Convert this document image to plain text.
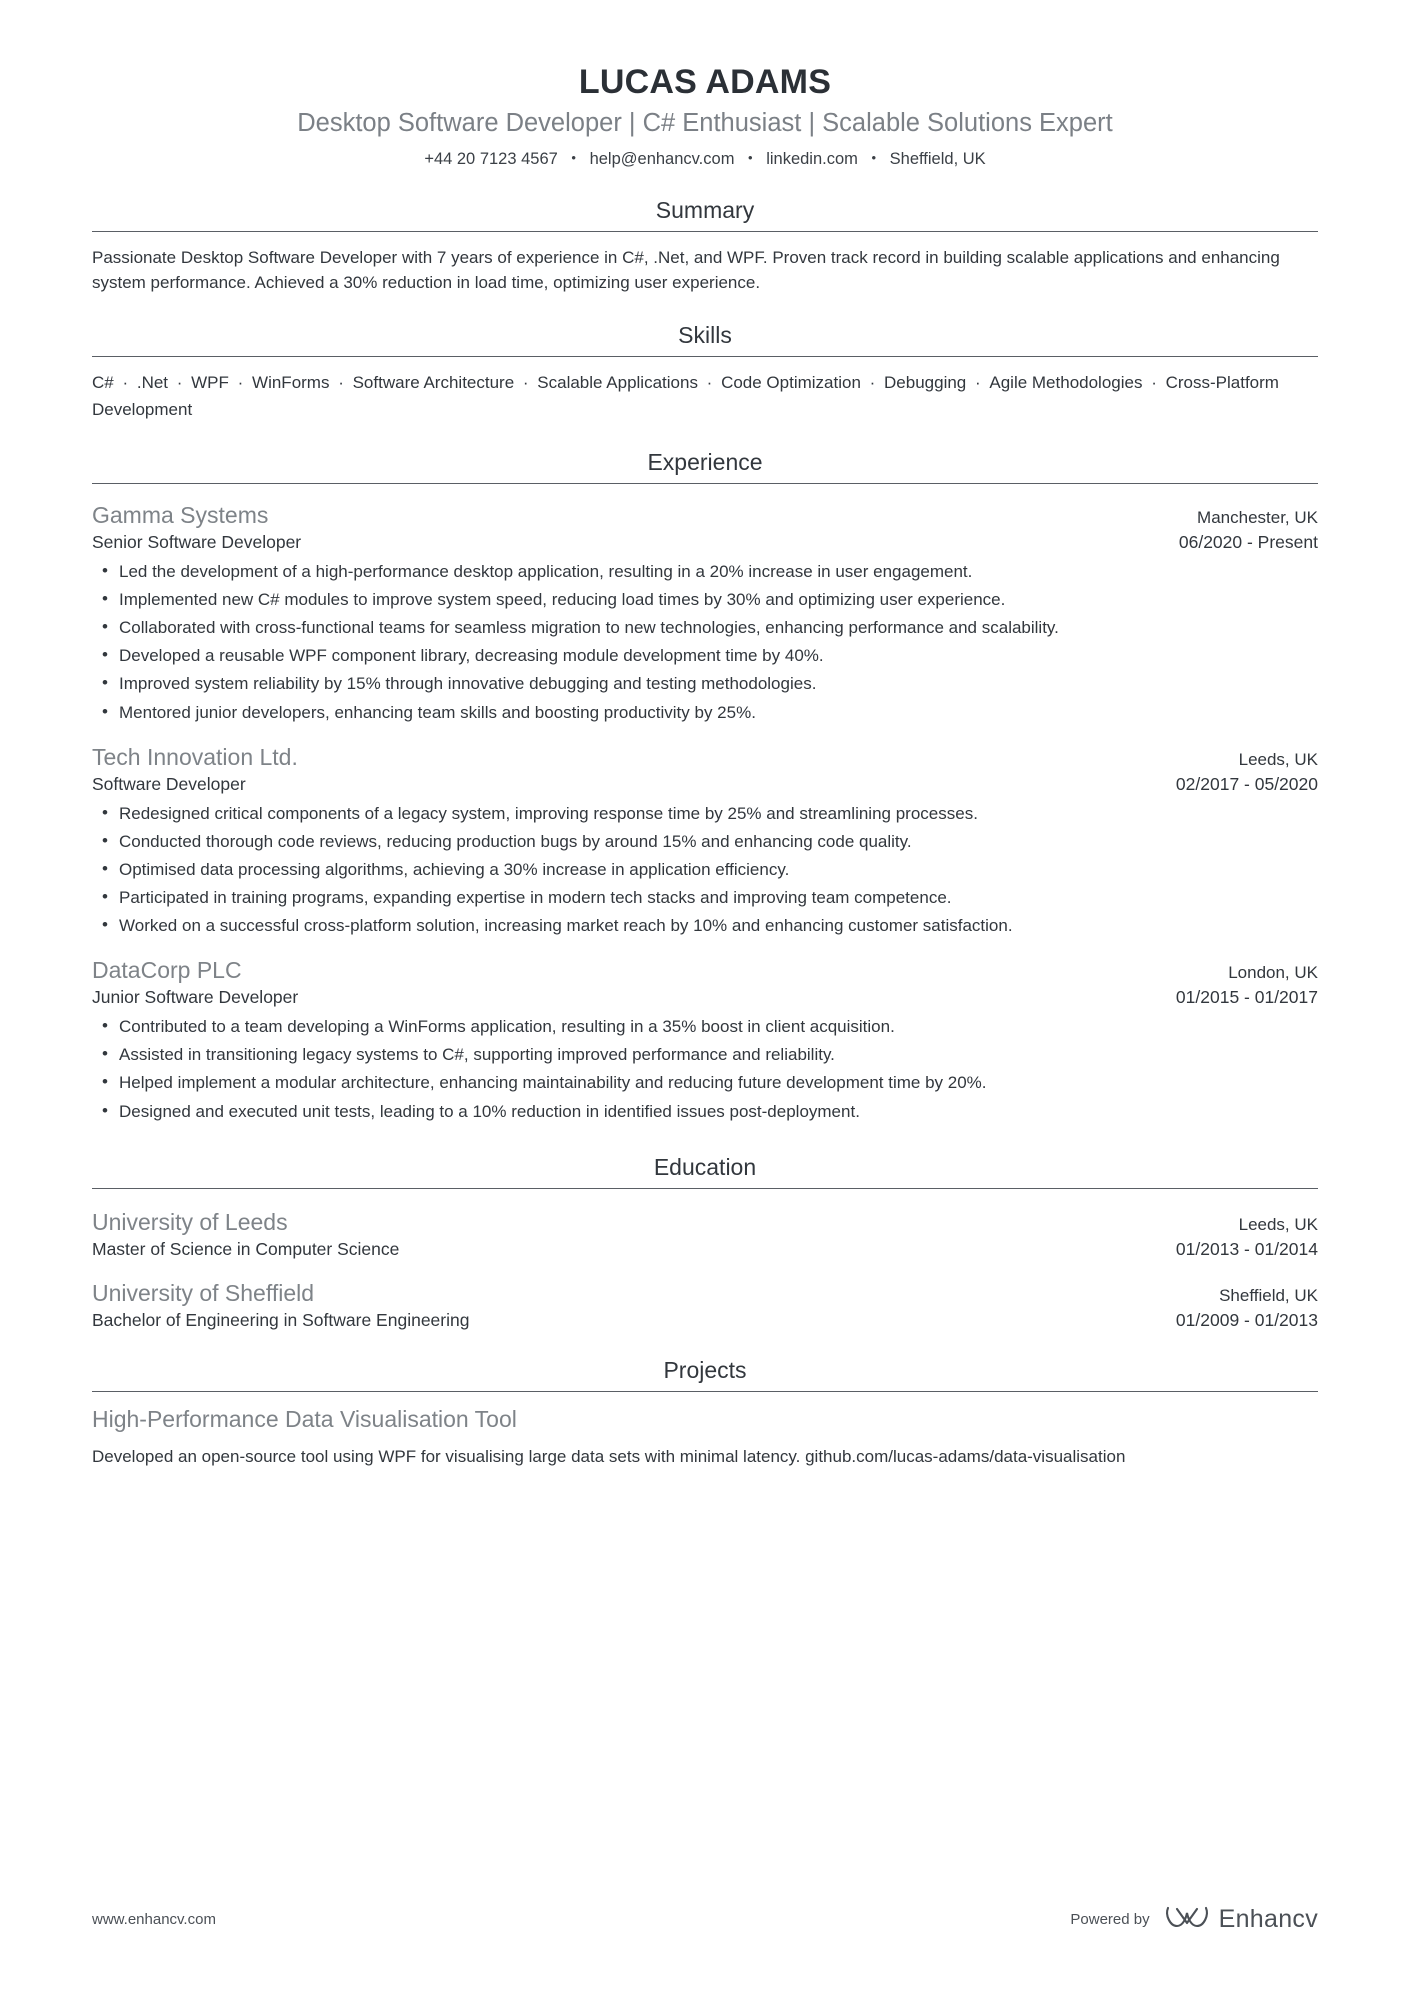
LUCAS ADAMS
Desktop Software Developer | C# Enthusiast | Scalable Solutions Expert
+44 20 7123 4567 • help@enhancv.com • linkedin.com • Sheffield, UK
Summary
Passionate Desktop Software Developer with 7 years of experience in C#, .Net, and WPF. Proven track record in building scalable applications and enhancing system performance. Achieved a 30% reduction in load time, optimizing user experience.
Skills
C# · .Net · WPF · WinForms · Software Architecture · Scalable Applications · Code Optimization · Debugging · Agile Methodologies · Cross-Platform Development
Experience
Gamma Systems	Manchester, UK
Senior Software Developer	06/2020 - Present
• Led the development of a high-performance desktop application, resulting in a 20% increase in user engagement.
• Implemented new C# modules to improve system speed, reducing load times by 30% and optimizing user experience.
• Collaborated with cross-functional teams for seamless migration to new technologies, enhancing performance and scalability.
• Developed a reusable WPF component library, decreasing module development time by 40%.
• Improved system reliability by 15% through innovative debugging and testing methodologies.
• Mentored junior developers, enhancing team skills and boosting productivity by 25%.
Tech Innovation Ltd.	Leeds, UK
Software Developer	02/2017 - 05/2020
• Redesigned critical components of a legacy system, improving response time by 25% and streamlining processes.
• Conducted thorough code reviews, reducing production bugs by around 15% and enhancing code quality.
• Optimised data processing algorithms, achieving a 30% increase in application efficiency.
• Participated in training programs, expanding expertise in modern tech stacks and improving team competence.
• Worked on a successful cross-platform solution, increasing market reach by 10% and enhancing customer satisfaction.
DataCorp PLC	London, UK
Junior Software Developer	01/2015 - 01/2017
• Contributed to a team developing a WinForms application, resulting in a 35% boost in client acquisition.
• Assisted in transitioning legacy systems to C#, supporting improved performance and reliability.
• Helped implement a modular architecture, enhancing maintainability and reducing future development time by 20%.
• Designed and executed unit tests, leading to a 10% reduction in identified issues post-deployment.
Education
University of Leeds	Leeds, UK
Master of Science in Computer Science	01/2013 - 01/2014
University of Sheffield	Sheffield, UK
Bachelor of Engineering in Software Engineering	01/2009 - 01/2013
Projects
High-Performance Data Visualisation Tool
Developed an open-source tool using WPF for visualising large data sets with minimal latency. github.com/lucas-adams/data-visualisation
www.enhancv.com	Powered by	Enhancv
